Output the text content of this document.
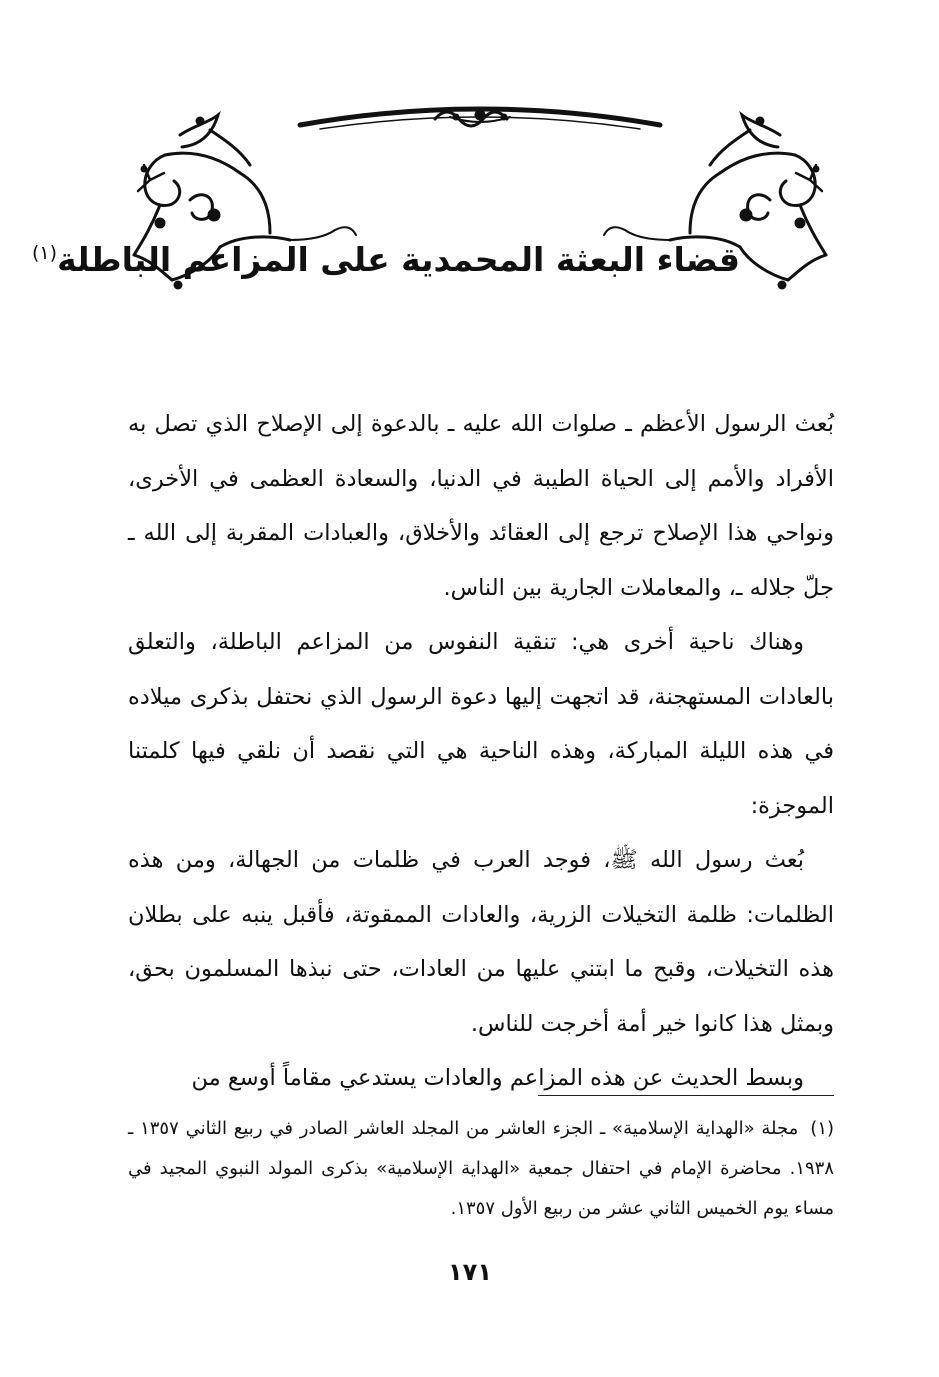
قضاء البعثة المحمدية على المزاعم الباطلة$^{(١)}$

بُعث الرسول الأعظم ـ صلوات الله عليه ـ بالدعوة إلى الإصلاح الذي تصل به الأفراد والأمم إلى الحياة الطيبة في الدنيا، والسعادة العظمى في الأخرى، ونواحي هذا الإصلاح ترجع إلى العقائد والأخلاق، والعبادات المقربة إلى الله ـ جلّ جلاله ـ، والمعاملات الجارية بين الناس.

وهناك ناحية أخرى هي: تنقية النفوس من المزاعم الباطلة، والتعلق بالعادات المستهجنة، قد اتجهت إليها دعوة الرسول الذي نحتفل بذكرى ميلاده في هذه الليلة المباركة، وهذه الناحية هي التي نقصد أن نلقي فيها كلمتنا الموجزة:

بُعث رسول الله ﷺ، فوجد العرب في ظلمات من الجهالة، ومن هذه الظلمات: ظلمة التخيلات الزرية، والعادات الممقوتة، فأقبل ينبه على بطلان هذه التخيلات، وقبح ما ابتني عليها من العادات، حتى نبذها المسلمون بحق، وبمثل هذا كانوا خير أمة أخرجت للناس.

وبسط الحديث عن هذه المزاعم والعادات يستدعي مقاماً أوسع من

(١)مجلة «الهداية الإسلامية» ـ الجزء العاشر من المجلد العاشر الصادر في ربيع الثاني ١٣٥٧ ـ ١٩٣٨. محاضرة الإمام في احتفال جمعية «الهداية الإسلامية» بذكرى المولد النبوي المجيد في مساء يوم الخميس الثاني عشر من ربيع الأول ١٣٥٧.
١٧١
